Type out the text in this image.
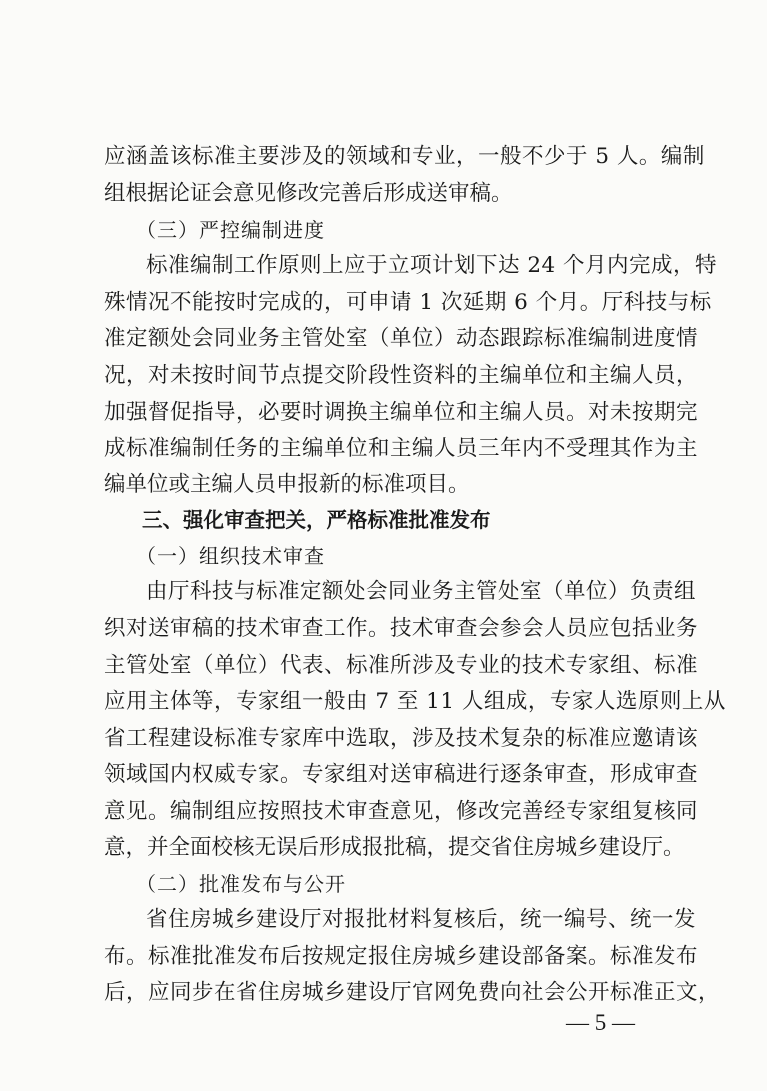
应涵盖该标准主要涉及的领域和专业，一般不少于 5 人。编制
组根据论证会意见修改完善后形成送审稿。
（三）严控编制进度
标准编制工作原则上应于立项计划下达 24 个月内完成，特
殊情况不能按时完成的，可申请 1 次延期 6 个月。厅科技与标
准定额处会同业务主管处室（单位）动态跟踪标准编制进度情
况，对未按时间节点提交阶段性资料的主编单位和主编人员，
加强督促指导，必要时调换主编单位和主编人员。对未按期完
成标准编制任务的主编单位和主编人员三年内不受理其作为主
编单位或主编人员申报新的标准项目。
三、强化审查把关，严格标准批准发布
（一）组织技术审查
由厅科技与标准定额处会同业务主管处室（单位）负责组
织对送审稿的技术审查工作。技术审查会参会人员应包括业务
主管处室（单位）代表、标准所涉及专业的技术专家组、标准
应用主体等，专家组一般由 7 至 11 人组成，专家人选原则上从
省工程建设标准专家库中选取，涉及技术复杂的标准应邀请该
领域国内权威专家。专家组对送审稿进行逐条审查，形成审查
意见。编制组应按照技术审查意见，修改完善经专家组复核同
意，并全面校核无误后形成报批稿，提交省住房城乡建设厅。
（二）批准发布与公开
省住房城乡建设厅对报批材料复核后，统一编号、统一发
布。标准批准发布后按规定报住房城乡建设部备案。标准发布
后，应同步在省住房城乡建设厅官网免费向社会公开标准正文，
— 5 —
